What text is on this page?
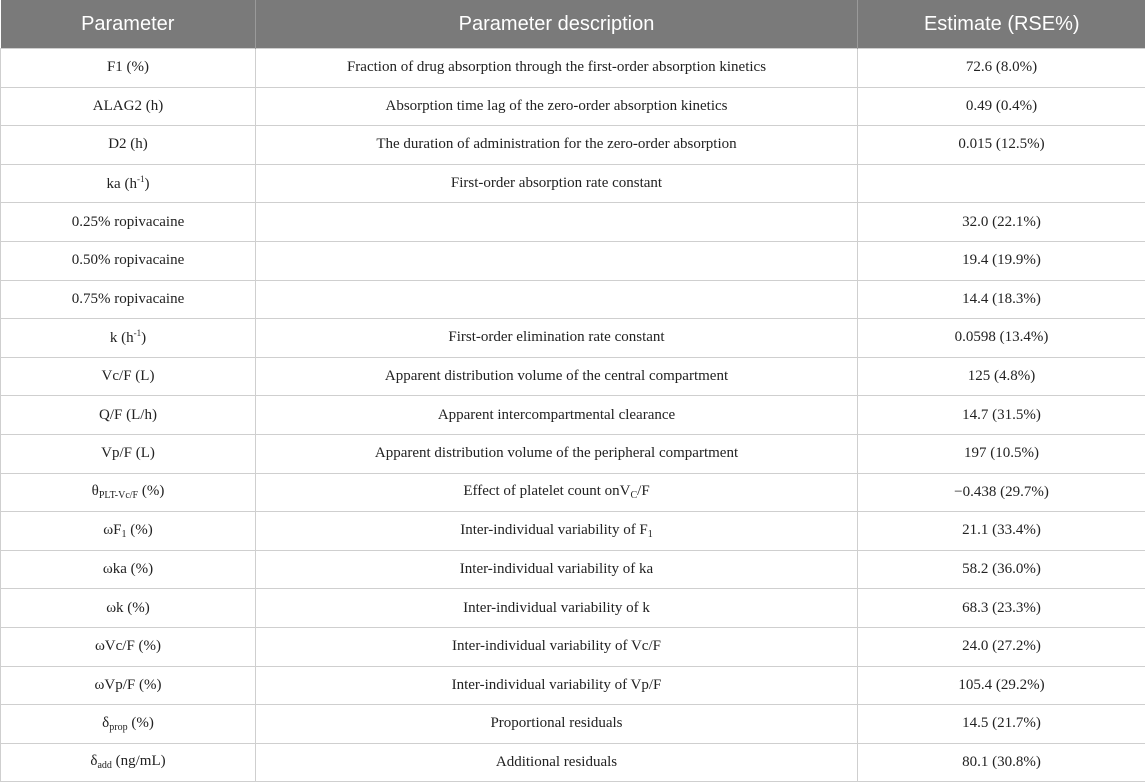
Parameter	Parameter description	Estimate (RSE%)
F1 (%)	Fraction of drug absorption through the first-order absorption kinetics	72.6 (8.0%)
ALAG2 (h)	Absorption time lag of the zero-order absorption kinetics	0.49 (0.4%)
D2 (h)	The duration of administration for the zero-order absorption	0.015 (12.5%)
ka $(h^{-1})$	First-order absorption rate constant	
0.25% ropivacaine		32.0 (22.1%)
0.50% ropivacaine		19.4 (19.9%)
0.75% ropivacaine		14.4 (18.3%)
k $(h^{-1})$	First-order elimination rate constant	0.0598 (13.4%)
Vc/F (L)	Apparent distribution volume of the central compartment	125 (4.8%)
Q/F (L/h)	Apparent intercompartmental clearance	14.7 (31.5%)
Vp/F (L)	Apparent distribution volume of the peripheral compartment	197 (10.5%)
$\theta_{PLT-Vc/F}$ (%)	Effect of platelet count onV$_C$/F	−0.438 (29.7%)
$\omega F_1$ (%)	Inter-individual variability of $F_1$	21.1 (33.4%)
ωka (%)	Inter-individual variability of ka	58.2 (36.0%)
ωk (%)	Inter-individual variability of k	68.3 (23.3%)
ωVc/F (%)	Inter-individual variability of Vc/F	24.0 (27.2%)
ωVp/F (%)	Inter-individual variability of Vp/F	105.4 (29.2%)
$\delta_{prop}$ (%)	Proportional residuals	14.5 (21.7%)
$\delta_{add}$ (ng/mL)	Additional residuals	80.1 (30.8%)
